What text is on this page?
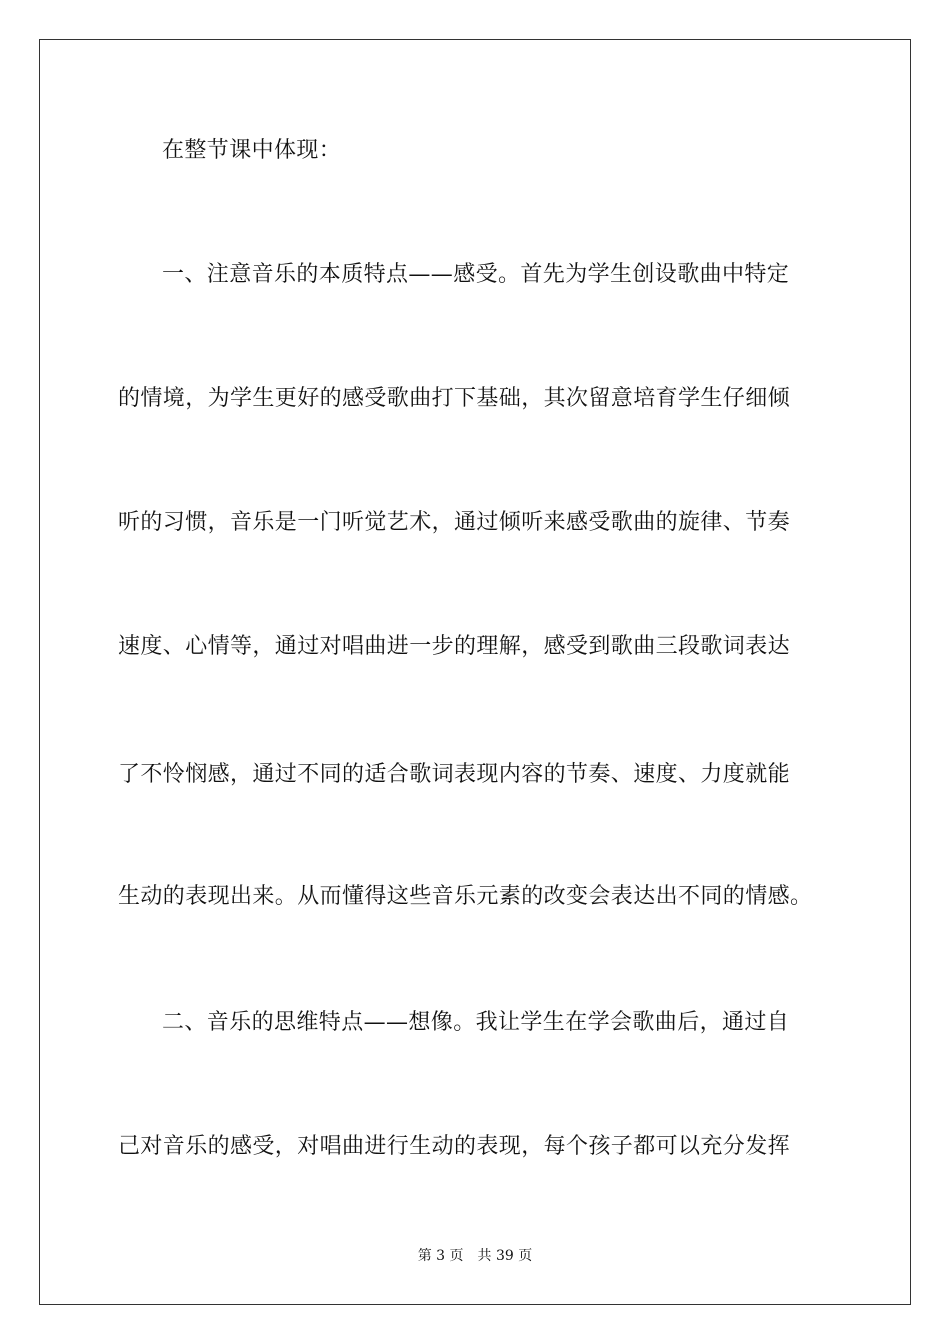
在整节课中体现：
一、注意音乐的本质特点——感受。首先为学生创设歌曲中特定
的情境，为学生更好的感受歌曲打下基础，其次留意培育学生仔细倾
听的习惯，音乐是一门听觉艺术，通过倾听来感受歌曲的旋律、节奏
速度、心情等，通过对唱曲进一步的理解，感受到歌曲三段歌词表达
了不怜悯感，通过不同的适合歌词表现内容的节奏、速度、力度就能
生动的表现出来。从而懂得这些音乐元素的改变会表达出不同的情感。
二、音乐的思维特点——想像。我让学生在学会歌曲后，通过自
己对音乐的感受，对唱曲进行生动的表现，每个孩子都可以充分发挥
第 3 页 共 39 页
